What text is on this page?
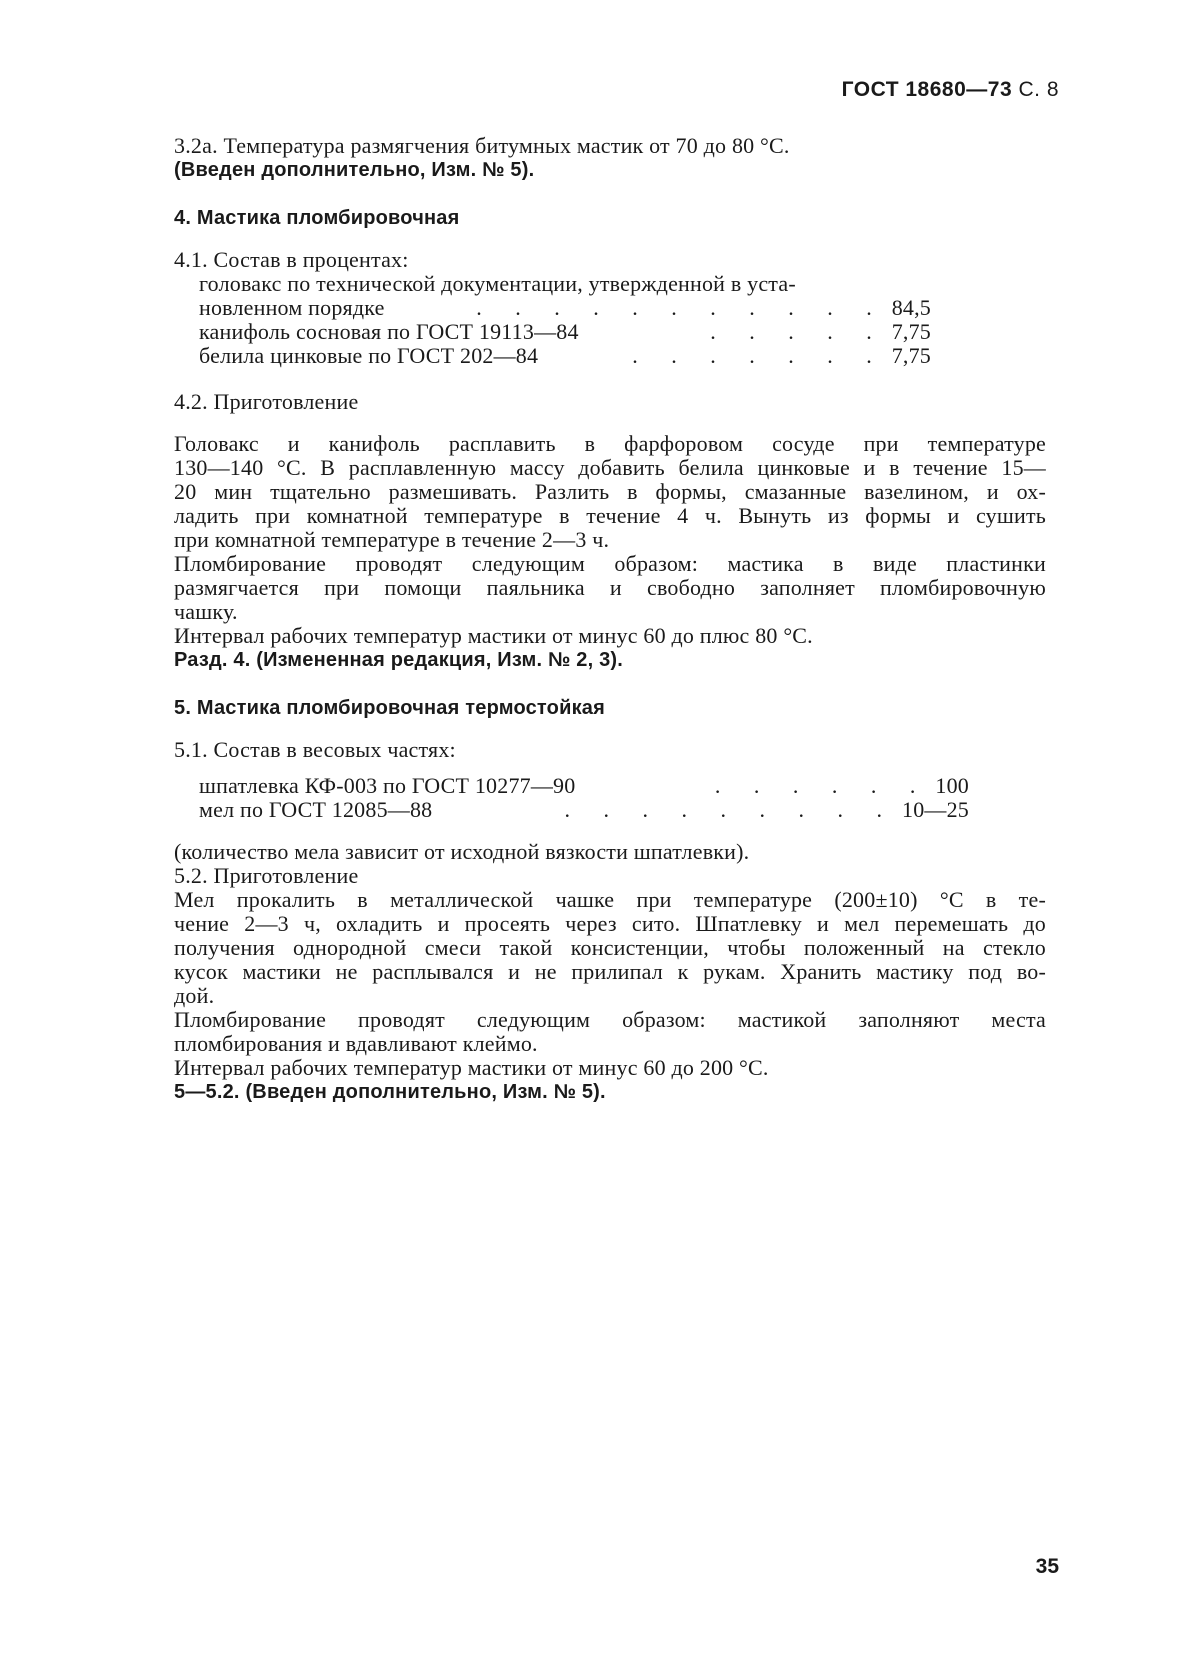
ГОСТ 18680—73 С. 8
3.2а. Температура размягчения битумных мастик от 70 до 80 °С.
(Введен дополнительно, Изм. № 5).
4. Мастика пломбировочная
4.1. Состав в процентах:
головакс по технической документации, утвержденной в уста-
новленном порядке	. . . . . . . . . . . 84,5
канифоль сосновая по ГОСТ 19113—84	. . . . . 7,75
белила цинковые по ГОСТ 202—84	. . . . . . . 7,75
4.2. Приготовление
Головакс и канифоль расплавить в фарфоровом сосуде при температуре
130—140 °С. В расплавленную массу добавить белила цинковые и в течение 15—
20 мин тщательно размешивать. Разлить в формы, смазанные вазелином, и ох-
ладить при комнатной температуре в течение 4 ч. Вынуть из формы и сушить
при комнатной температуре в течение 2—3 ч.
Пломбирование проводят следующим образом: мастика в виде пластинки
размягчается при помощи паяльника и свободно заполняет пломбировочную
чашку.
Интервал рабочих температур мастики от минус 60 до плюс 80 °С.
Разд. 4. (Измененная редакция, Изм. № 2, 3).
5. Мастика пломбировочная термостойкая
5.1. Состав в весовых частях:
шпатлевка КФ-003 по ГОСТ 10277—90	. . . . . . 100
мел по ГОСТ 12085—88	. . . . . . . . . 10—25
(количество мела зависит от исходной вязкости шпатлевки).
5.2. Приготовление
Мел прокалить в металлической чашке при температуре (200±10) °С в те-
чение 2—3 ч, охладить и просеять через сито. Шпатлевку и мел перемешать до
получения однородной смеси такой консистенции, чтобы положенный на стекло
кусок мастики не расплывался и не прилипал к рукам. Хранить мастику под во-
дой.
Пломбирование проводят следующим образом: мастикой заполняют места
пломбирования и вдавливают клеймо.
Интервал рабочих температур мастики от минус 60 до 200 °С.
5—5.2. (Введен дополнительно, Изм. № 5).
35
